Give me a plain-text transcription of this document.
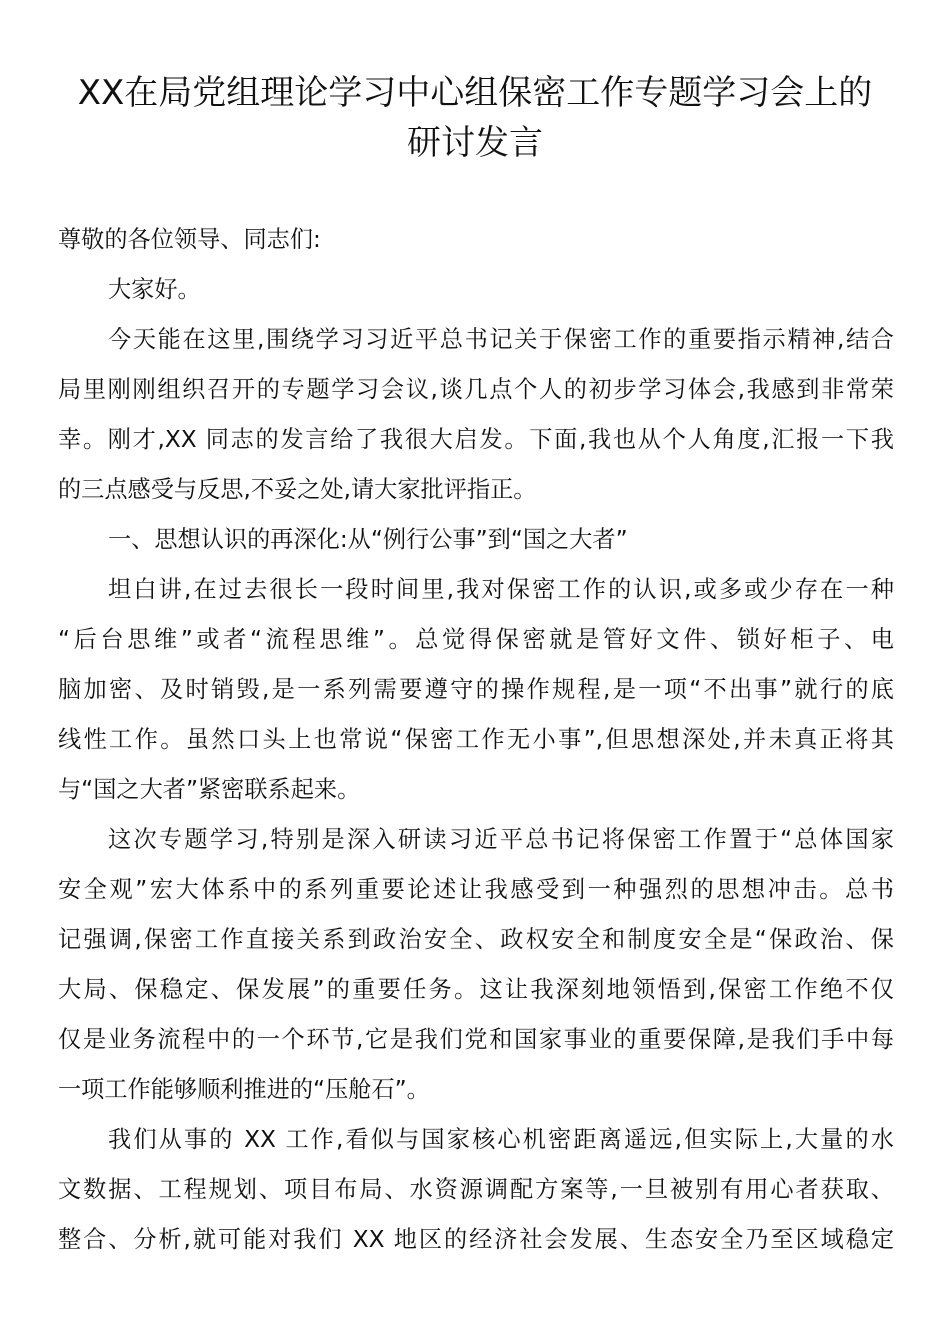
XX在局党组理论学习中心组保密工作专题学习会上的
研讨发言
尊敬的各位领导、同志们:
大家好。
今天能在这里,围绕学习习近平总书记关于保密工作的重要指示精神,结合
局里刚刚组织召开的专题学习会议,谈几点个人的初步学习体会,我感到非常荣
幸。刚才,XX 同志的发言给了我很大启发。下面,我也从个人角度,汇报一下我
的三点感受与反思,不妥之处,请大家批评指正。
一、思想认识的再深化:从“例行公事”到“国之大者”
坦白讲,在过去很长一段时间里,我对保密工作的认识,或多或少存在一种
“后台思维”或者“流程思维”。总觉得保密就是管好文件、锁好柜子、电
脑加密、及时销毁,是一系列需要遵守的操作规程,是一项“不出事”就行的底
线性工作。虽然口头上也常说“保密工作无小事”,但思想深处,并未真正将其
与“国之大者”紧密联系起来。
这次专题学习,特别是深入研读习近平总书记将保密工作置于“总体国家
安全观”宏大体系中的系列重要论述让我感受到一种强烈的思想冲击。总书
记强调,保密工作直接关系到政治安全、政权安全和制度安全是“保政治、保
大局、保稳定、保发展”的重要任务。这让我深刻地领悟到,保密工作绝不仅
仅是业务流程中的一个环节,它是我们党和国家事业的重要保障,是我们手中每
一项工作能够顺利推进的“压舱石”。
我们从事的 XX 工作,看似与国家核心机密距离遥远,但实际上,大量的水
文数据、工程规划、项目布局、水资源调配方案等,一旦被别有用心者获取、
整合、分析,就可能对我们 XX 地区的经济社会发展、生态安全乃至区域稳定
